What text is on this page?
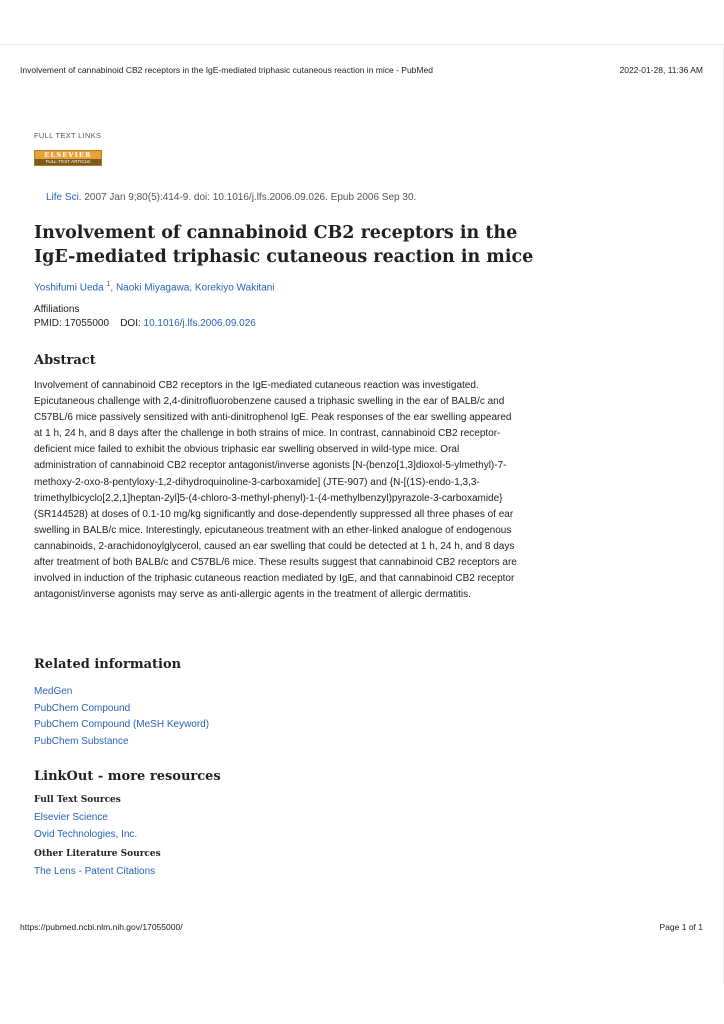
Involvement of cannabinoid CB2 receptors in the IgE-mediated triphasic cutaneous reaction in mice - PubMed	2022-01-28, 11:36 AM
FULL TEXT LINKS
ELSEVIER
FULL-TEXT ARTICLE
Life Sci. 2007 Jan 9;80(5):414-9. doi: 10.1016/j.lfs.2006.09.026. Epub 2006 Sep 30.
Involvement of cannabinoid CB2 receptors in the IgE-mediated triphasic cutaneous reaction in mice
Yoshifumi Ueda $^1$, Naoki Miyagawa, Korekiyo Wakitani
Affiliations
PMID: 17055000 DOI: 10.1016/j.lfs.2006.09.026
Abstract

Involvement of cannabinoid CB2 receptors in the IgE-mediated cutaneous reaction was investigated. Epicutaneous challenge with 2,4-dinitrofluorobenzene caused a triphasic swelling in the ear of BALB/c and C57BL/6 mice passively sensitized with anti-dinitrophenol IgE. Peak responses of the ear swelling appeared at 1 h, 24 h, and 8 days after the challenge in both strains of mice. In contrast, cannabinoid CB2 receptor-deficient mice failed to exhibit the obvious triphasic ear swelling observed in wild-type mice. Oral administration of cannabinoid CB2 receptor antagonist/inverse agonists [N-(benzo[1,3]dioxol-5-ylmethyl)-7-methoxy-2-oxo-8-pentyloxy-1,2-dihydroquinoline-3-carboxamide] (JTE-907) and {N-[(1S)-endo-1,3,3-trimethylbicyclo[2,2,1]heptan-2yl]5-(4-chloro-3-methyl-phenyl)-1-(4-methylbenzyl)pyrazole-3-carboxamide} (SR144528) at doses of 0.1-10 mg/kg significantly and dose-dependently suppressed all three phases of ear swelling in BALB/c mice. Interestingly, epicutaneous treatment with an ether-linked analogue of endogenous cannabinoids, 2-arachidonoylglycerol, caused an ear swelling that could be detected at 1 h, 24 h, and 8 days after treatment of both BALB/c and C57BL/6 mice. These results suggest that cannabinoid CB2 receptors are involved in induction of the triphasic cutaneous reaction mediated by IgE, and that cannabinoid CB2 receptor antagonist/inverse agonists may serve as anti-allergic agents in the treatment of allergic dermatitis.

Related information
MedGen
PubChem Compound
PubChem Compound (MeSH Keyword)
PubChem Substance
LinkOut - more resources
Full Text Sources
Elsevier Science
Ovid Technologies, Inc.
Other Literature Sources
The Lens - Patent Citations
https://pubmed.ncbi.nlm.nih.gov/17055000/	Page 1 of 1
